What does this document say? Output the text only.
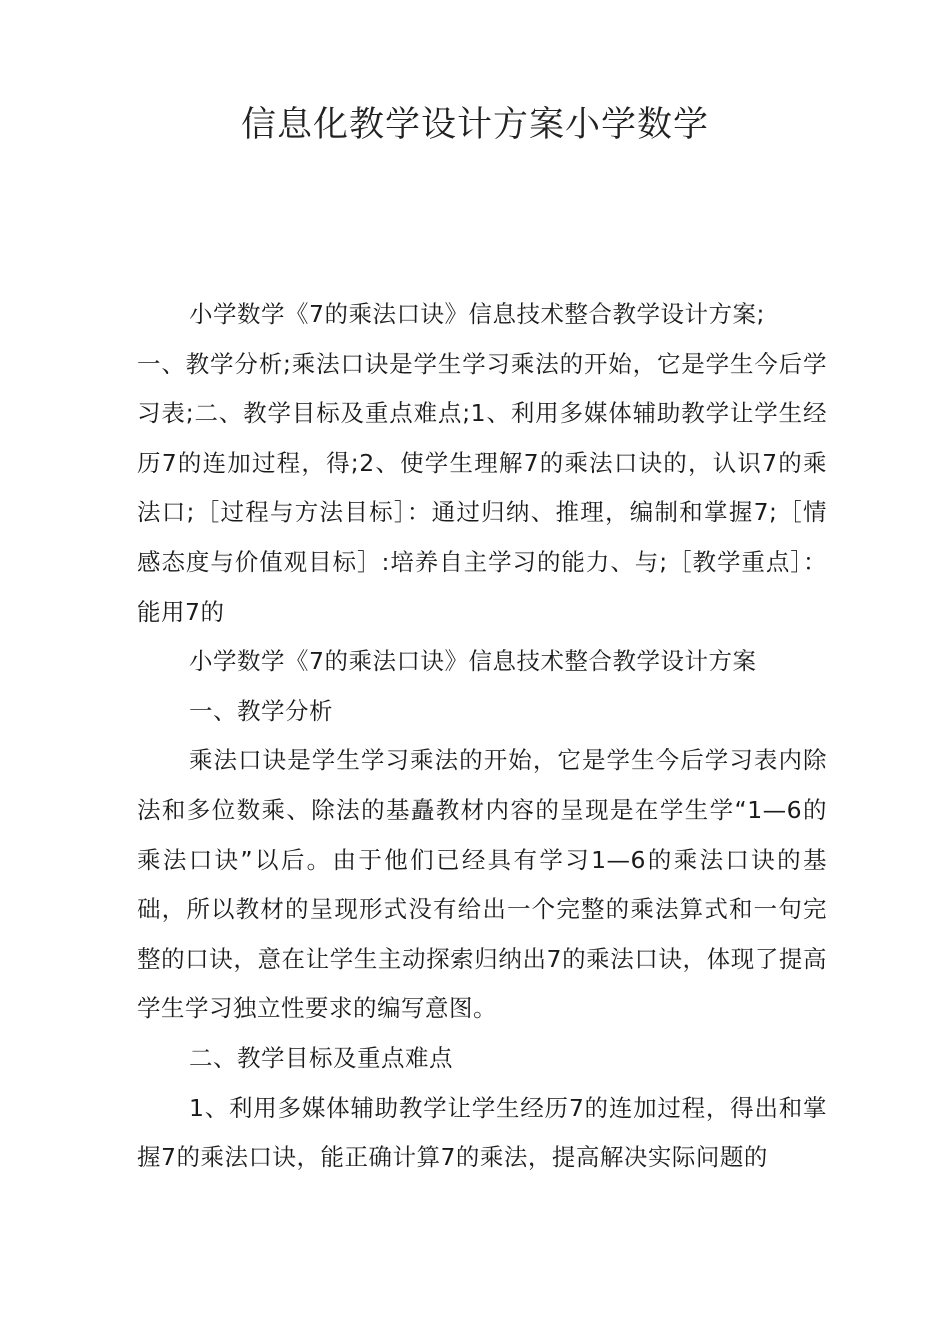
信息化教学设计方案小学数学

小学数学《7的乘法口诀》信息技术整合教学设计方案;

一、教学分析;乘法口诀是学生学习乘法的开始，它是学生今后学习表;二、教学目标及重点难点;1、利用多媒体辅助教学让学生经历7的连加过程，得;2、使学生理解7的乘法口诀的，认识7的乘法口;［过程与方法目标］：通过归纳、推理，编制和掌握7;［情感态度与价值观目标］:培养自主学习的能力、与;［教学重点］：能用7的

小学数学《7的乘法口诀》信息技术整合教学设计方案

一、教学分析

乘法口诀是学生学习乘法的开始，它是学生今后学习表内除法和多位数乘、除法的基矗教材内容的呈现是在学生学“1—6的乘法口诀”以后。由于他们已经具有学习1—6的乘法口诀的基础，所以教材的呈现形式没有给出一个完整的乘法算式和一句完整的口诀，意在让学生主动探索归纳出7的乘法口诀，体现了提高学生学习独立性要求的编写意图。

二、教学目标及重点难点

1、利用多媒体辅助教学让学生经历7的连加过程，得出和掌握7的乘法口诀，能正确计算7的乘法，提高解决实际问题的
